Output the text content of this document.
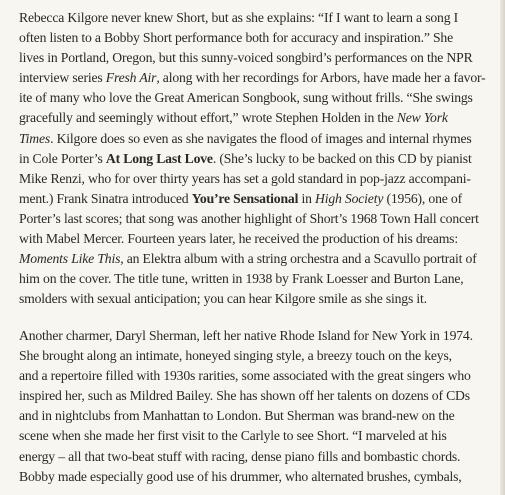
Rebecca Kilgore never knew Short, but as she explains: “If I want to learn a song I
often listen to a Bobby Short performance both for accuracy and inspiration.” She
lives in Portland, Oregon, but this sunny-voiced songbird’s performances on the NPR
interview series Fresh Air, along with her recordings for Arbors, have made her a favor-
ite of many who love the Great American Songbook, sung without frills. “She swings
gracefully and seemingly without effort,” wrote Stephen Holden in the New York
Times. Kilgore does so even as she navigates the flood of images and internal rhymes
in Cole Porter’s At Long Last Love. (She’s lucky to be backed on this CD by pianist
Mike Renzi, who for over thirty years has set a gold standard in pop-jazz accompani-
ment.) Frank Sinatra introduced You’re Sensational in High Society (1956), one of
Porter’s last scores; that song was another highlight of Short’s 1968 Town Hall concert
with Mabel Mercer. Fourteen years later, he received the production of his dreams:
Moments Like This, an Elektra album with a string orchestra and a Scavullo portrait of
him on the cover. The title tune, written in 1938 by Frank Loesser and Burton Lane,
smolders with sexual anticipation; you can hear Kilgore smile as she sings it.
Another charmer, Daryl Sherman, left her native Rhode Island for New York in 1974.
She brought along an intimate, honeyed singing style, a breezy touch on the keys,
and a repertoire filled with 1930s rarities, some associated with the great singers who
inspired her, such as Mildred Bailey. She has shown off her talents on dozens of CDs
and in nightclubs from Manhattan to London. But Sherman was brand-new on the
scene when she made her first visit to the Carlyle to see Short. “I marveled at his
energy – all that two-beat stuff with racing, dense piano fills and bombastic chords.
Bobby made especially good use of his drummer, who alternated brushes, cymbals,
